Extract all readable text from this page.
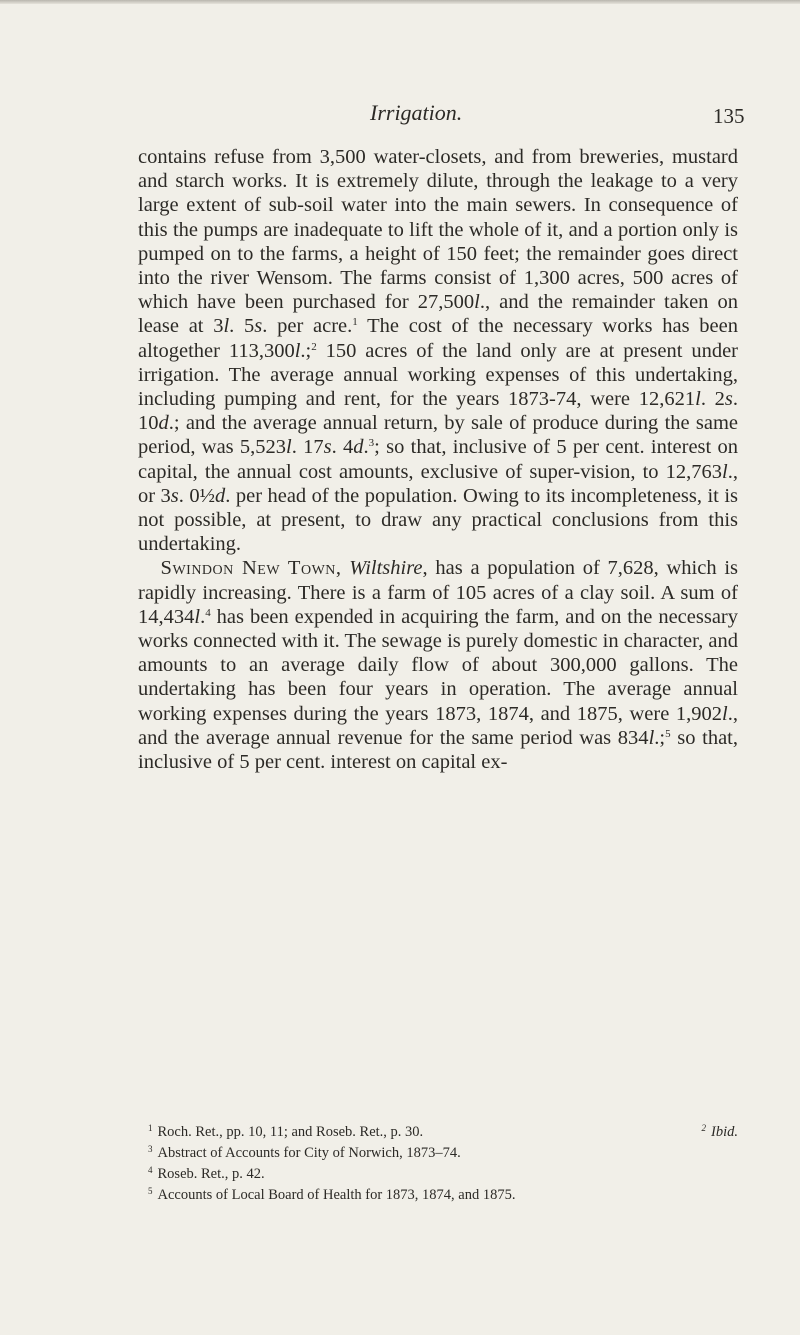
Irrigation.	135

contains refuse from 3,500 water-closets, and from breweries, mustard and starch works. It is extremely dilute, through the leakage to a very large extent of sub-soil water into the main sewers. In consequence of this the pumps are inadequate to lift the whole of it, and a portion only is pumped on to the farms, a height of 150 feet; the remainder goes direct into the river Wensom. The farms consist of 1,300 acres, 500 acres of which have been purchased for 27,500l., and the remainder taken on lease at 3l. 5s. per acre.$^1$ The cost of the necessary works has been altogether 113,300l.;$^2$ 150 acres of the land only are at present under irrigation. The average annual working expenses of this undertaking, including pumping and rent, for the years 1873-74, were 12,621l. 2s. 10d.; and the average annual return, by sale of produce during the same period, was 5,523l. 17s. 4d.$^3$; so that, inclusive of 5 per cent. interest on capital, the annual cost amounts, exclusive of super-vision, to 12,763l., or 3s. 0½d. per head of the population. Owing to its incompleteness, it is not possible, at present, to draw any practical conclusions from this undertaking.

Swindon New Town, Wiltshire, has a population of 7,628, which is rapidly increasing. There is a farm of 105 acres of a clay soil. A sum of 14,434l.$^4$ has been expended in acquiring the farm, and on the necessary works connected with it. The sewage is purely domestic in character, and amounts to an average daily flow of about 300,000 gallons. The undertaking has been four years in operation. The average annual working expenses during the years 1873, 1874, and 1875, were 1,902l., and the average annual revenue for the same period was 834l.;$^5$ so that, inclusive of 5 per cent. interest on capital ex-

$^1$ Roch. Ret., pp. 10, 11; and Roseb. Ret., p. 30.	$^2$ Ibid.
$^3$ Abstract of Accounts for City of Norwich, 1873–74.
$^4$ Roseb. Ret., p. 42.
$^5$ Accounts of Local Board of Health for 1873, 1874, and 1875.
